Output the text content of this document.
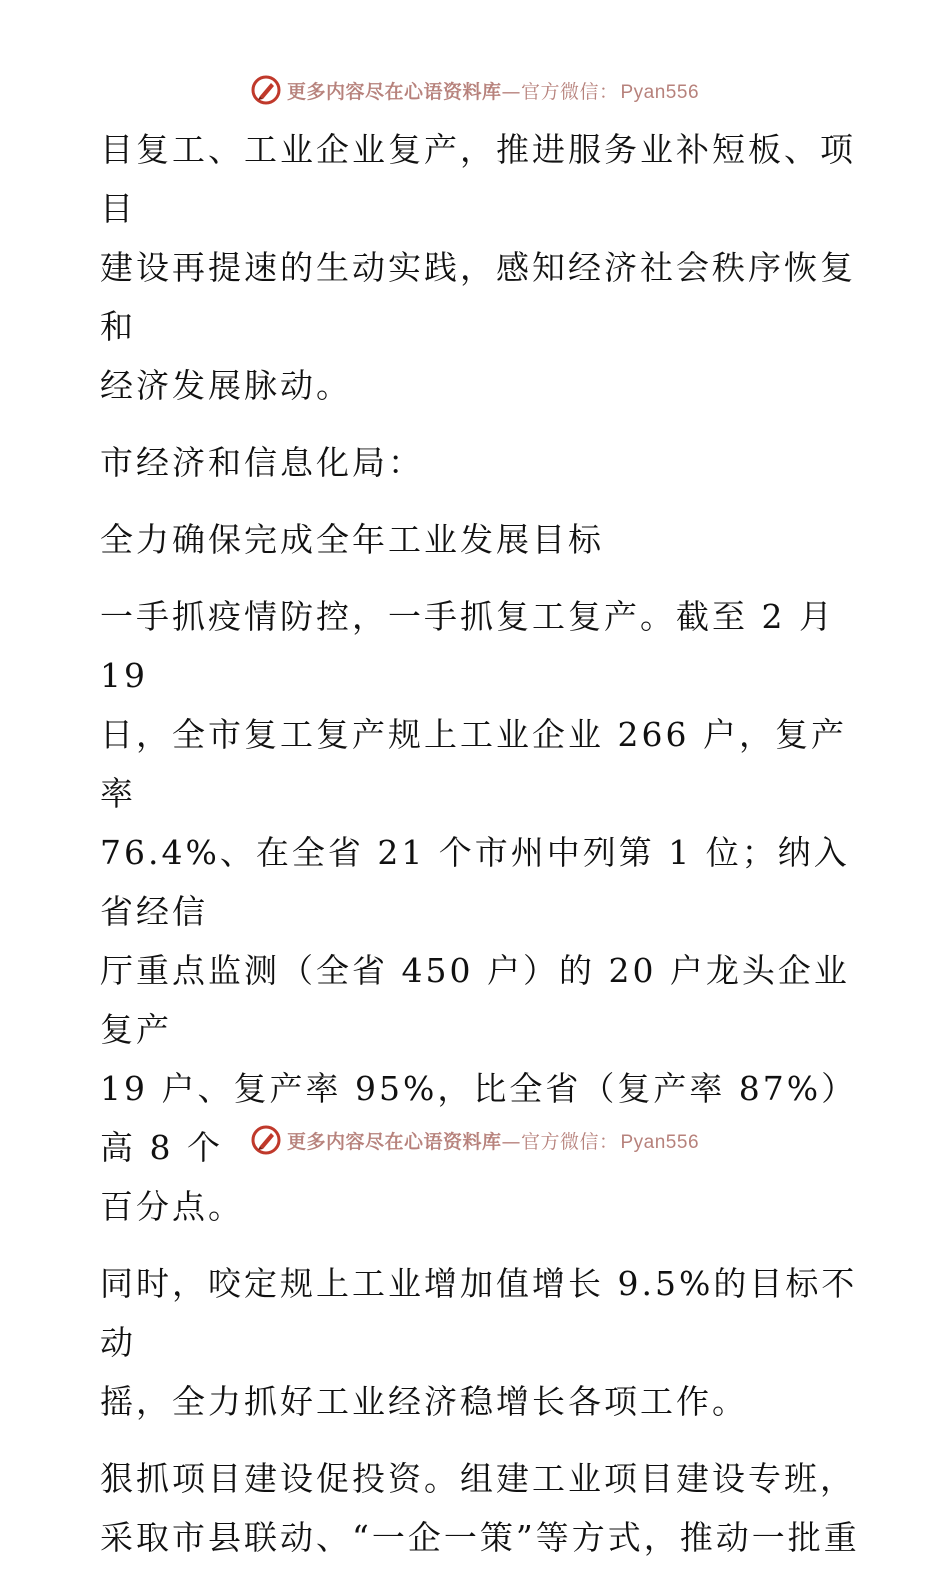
更多内容尽在心语资料库—官方微信： Pyan556

目复工、工业企业复产，推进服务业补短板、项目
建设再提速的生动实践，感知经济社会秩序恢复和
经济发展脉动。

市经济和信息化局：

全力确保完成全年工业发展目标

一手抓疫情防控，一手抓复工复产。截至 2 月 19
日，全市复工复产规上工业企业 266 户，复产率
76.4%、在全省 21 个市州中列第 1 位；纳入省经信
厅重点监测（全省 450 户）的 20 户龙头企业复产
19 户、复产率 95%，比全省（复产率 87%）高 8 个
百分点。

同时，咬定规上工业增加值增长 9.5%的目标不动
摇，全力抓好工业经济稳增长各项工作。

狠抓项目建设促投资。组建工业项目建设专班，
采取市县联动、“一企一策”等方式，推动一批重

更多内容尽在心语资料库—官方微信： Pyan556
